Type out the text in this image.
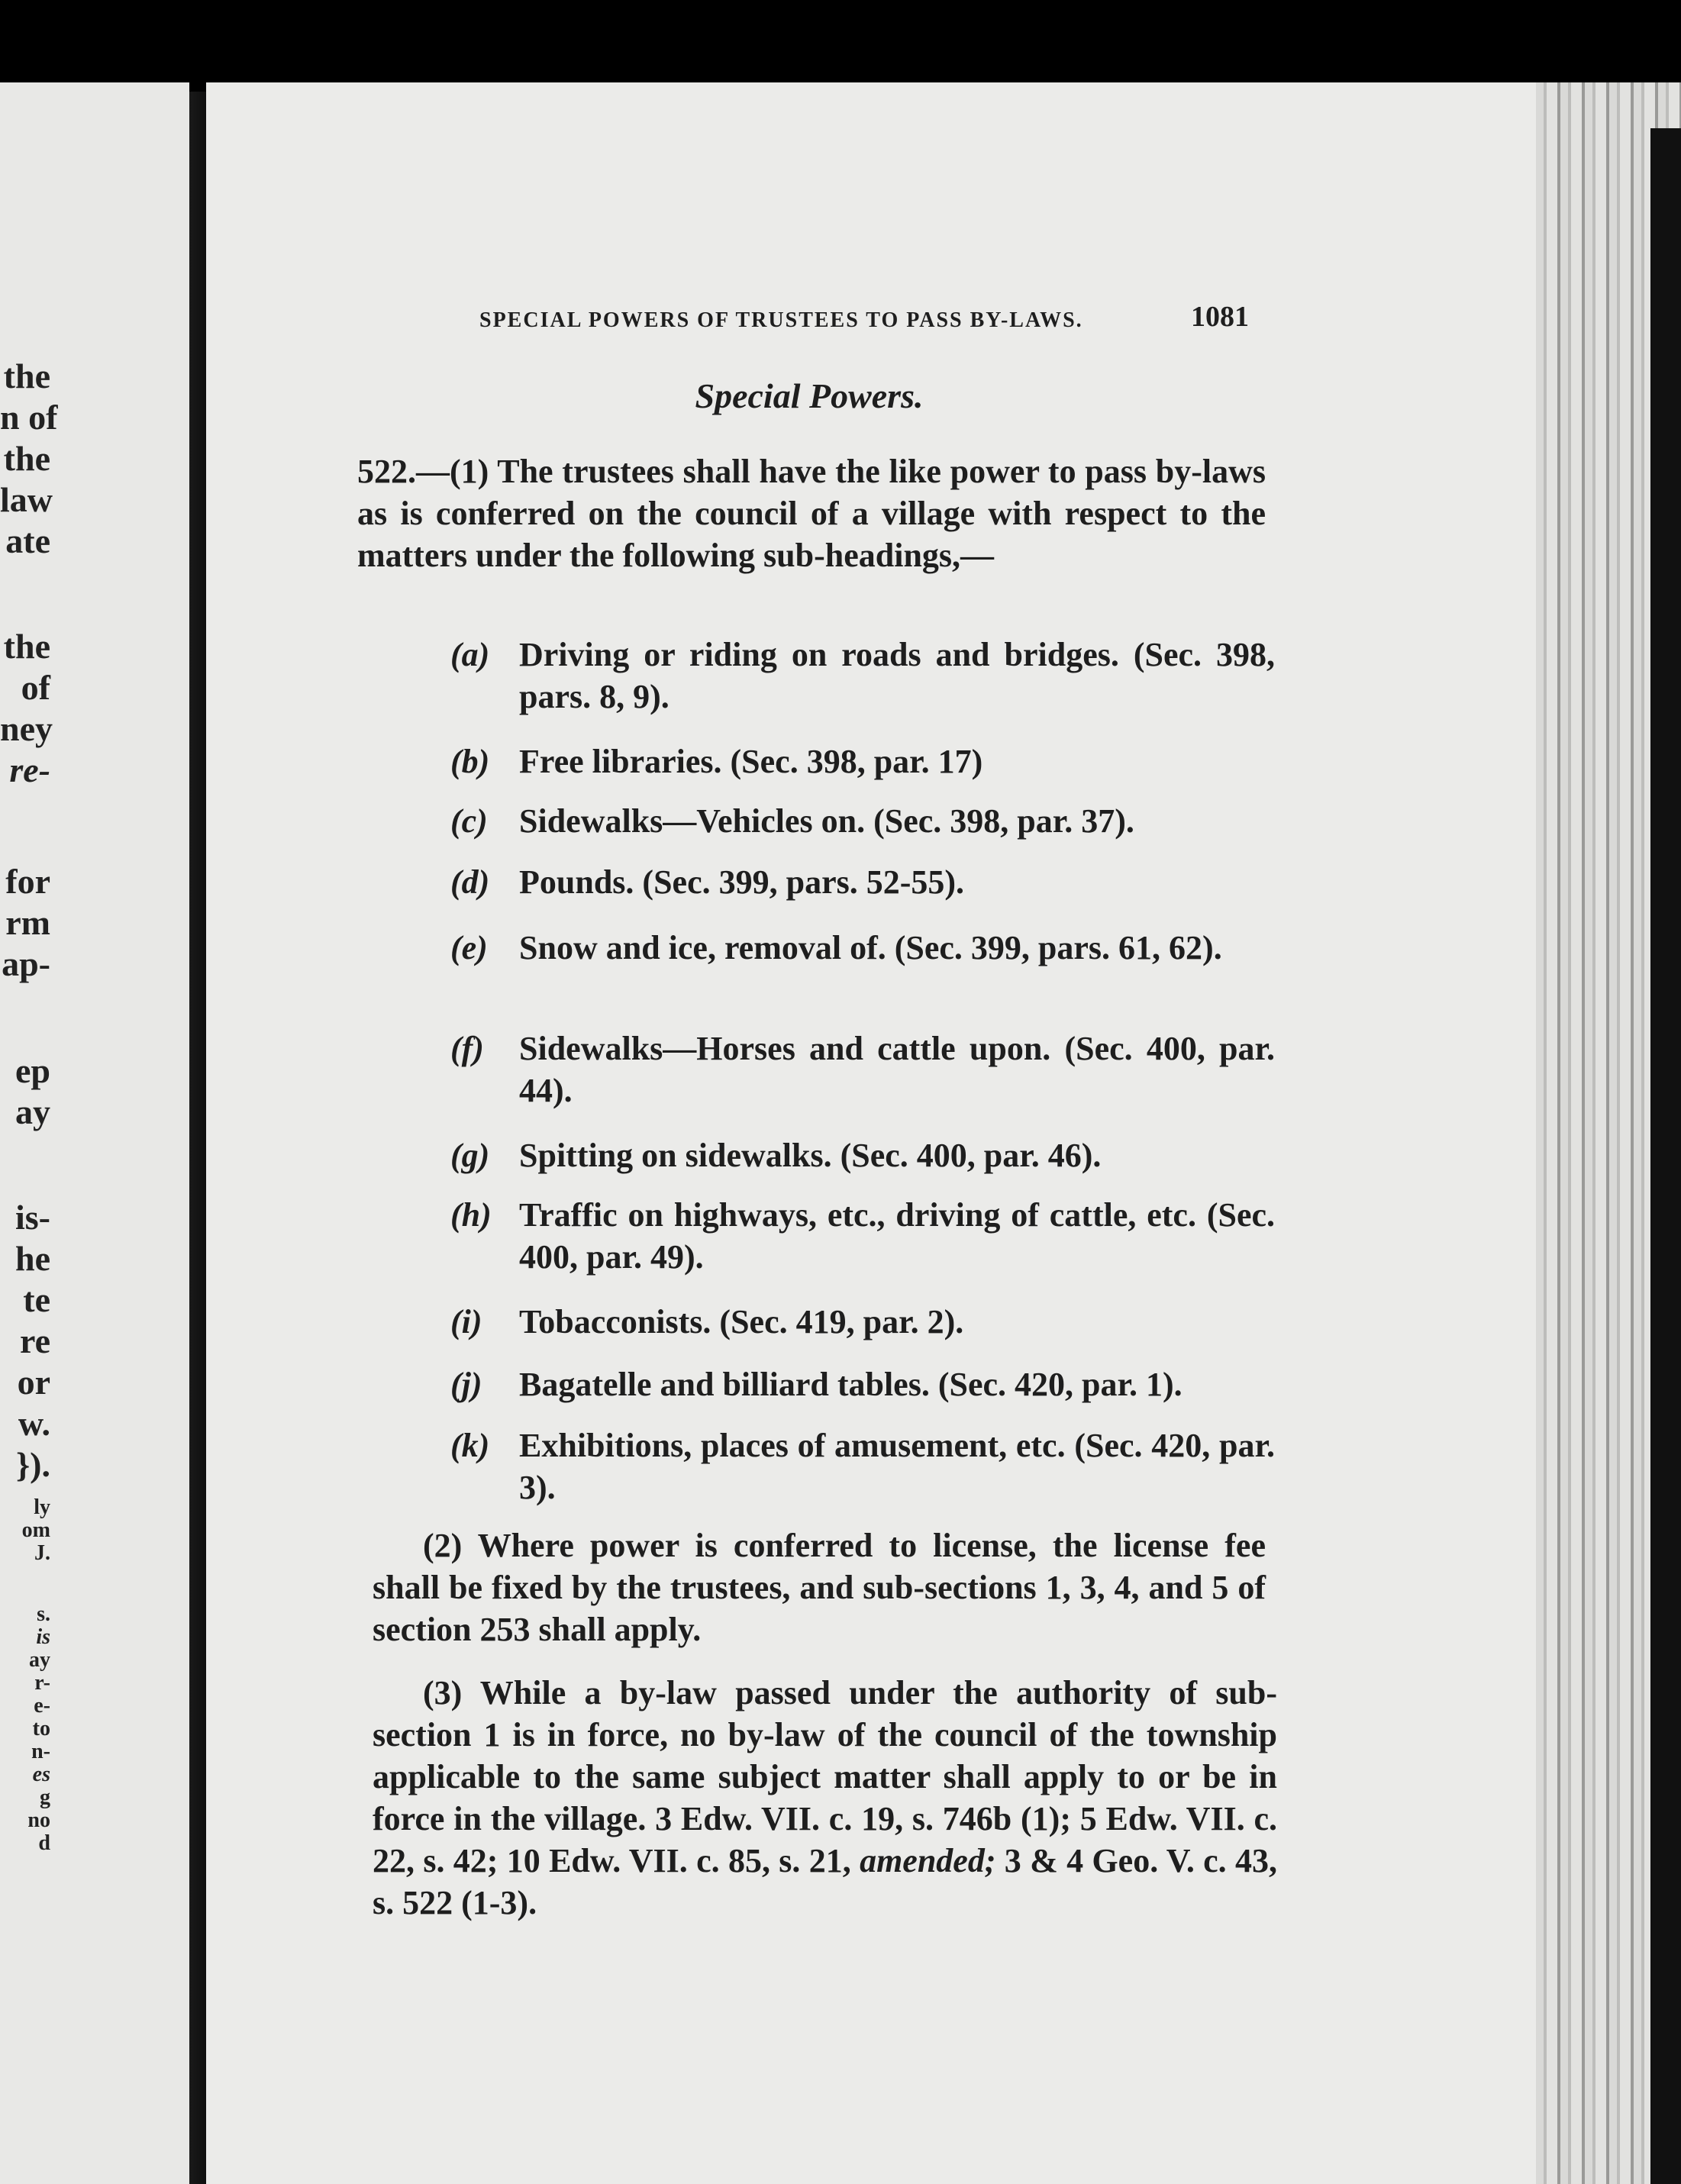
the
n of
the
law
ate
the
of
ney
re-
for
rm
ap-
ep
ay
is-
he
te
re
or
w.
}).
ly
om
J.
s.
is
ay
r-
e-
to
n-
es
g
no
d
SPECIAL POWERS OF TRUSTEES TO PASS BY-LAWS.	1081
Special Powers.
522.—(1) The trustees shall have the like power to pass by-laws as is conferred on the council of a village with respect to the matters under the following sub-headings,—
(a) Driving or riding on roads and bridges. (Sec. 398, pars. 8, 9).
(b) Free libraries. (Sec. 398, par. 17)
(c) Sidewalks—Vehicles on. (Sec. 398, par. 37).
(d) Pounds. (Sec. 399, pars. 52-55).
(e) Snow and ice, removal of. (Sec. 399, pars. 61, 62).
(f)	Sidewalks—Horses and cattle upon. (Sec. 400, par. 44).
(g) Spitting on sidewalks. (Sec. 400, par. 46).
(h) Traffic on highways, etc., driving of cattle, etc. (Sec. 400, par. 49).
(i)	Tobacconists. (Sec. 419, par. 2).
(j)	Bagatelle and billiard tables. (Sec. 420, par. 1).
(k) Exhibitions, places of amusement, etc. (Sec. 420, par. 3).
(2) Where power is conferred to license, the license fee shall be fixed by the trustees, and sub-sections 1, 3, 4, and 5 of section 253 shall apply.
(3) While a by-law passed under the authority of sub-section 1 is in force, no by-law of the council of the township applicable to the same subject matter shall apply to or be in force in the village. 3 Edw. VII. c. 19, s. 746b (1); 5 Edw. VII. c. 22, s. 42; 10 Edw. VII. c. 85, s. 21, amended; 3 & 4 Geo. V. c. 43, s. 522 (1-3).
